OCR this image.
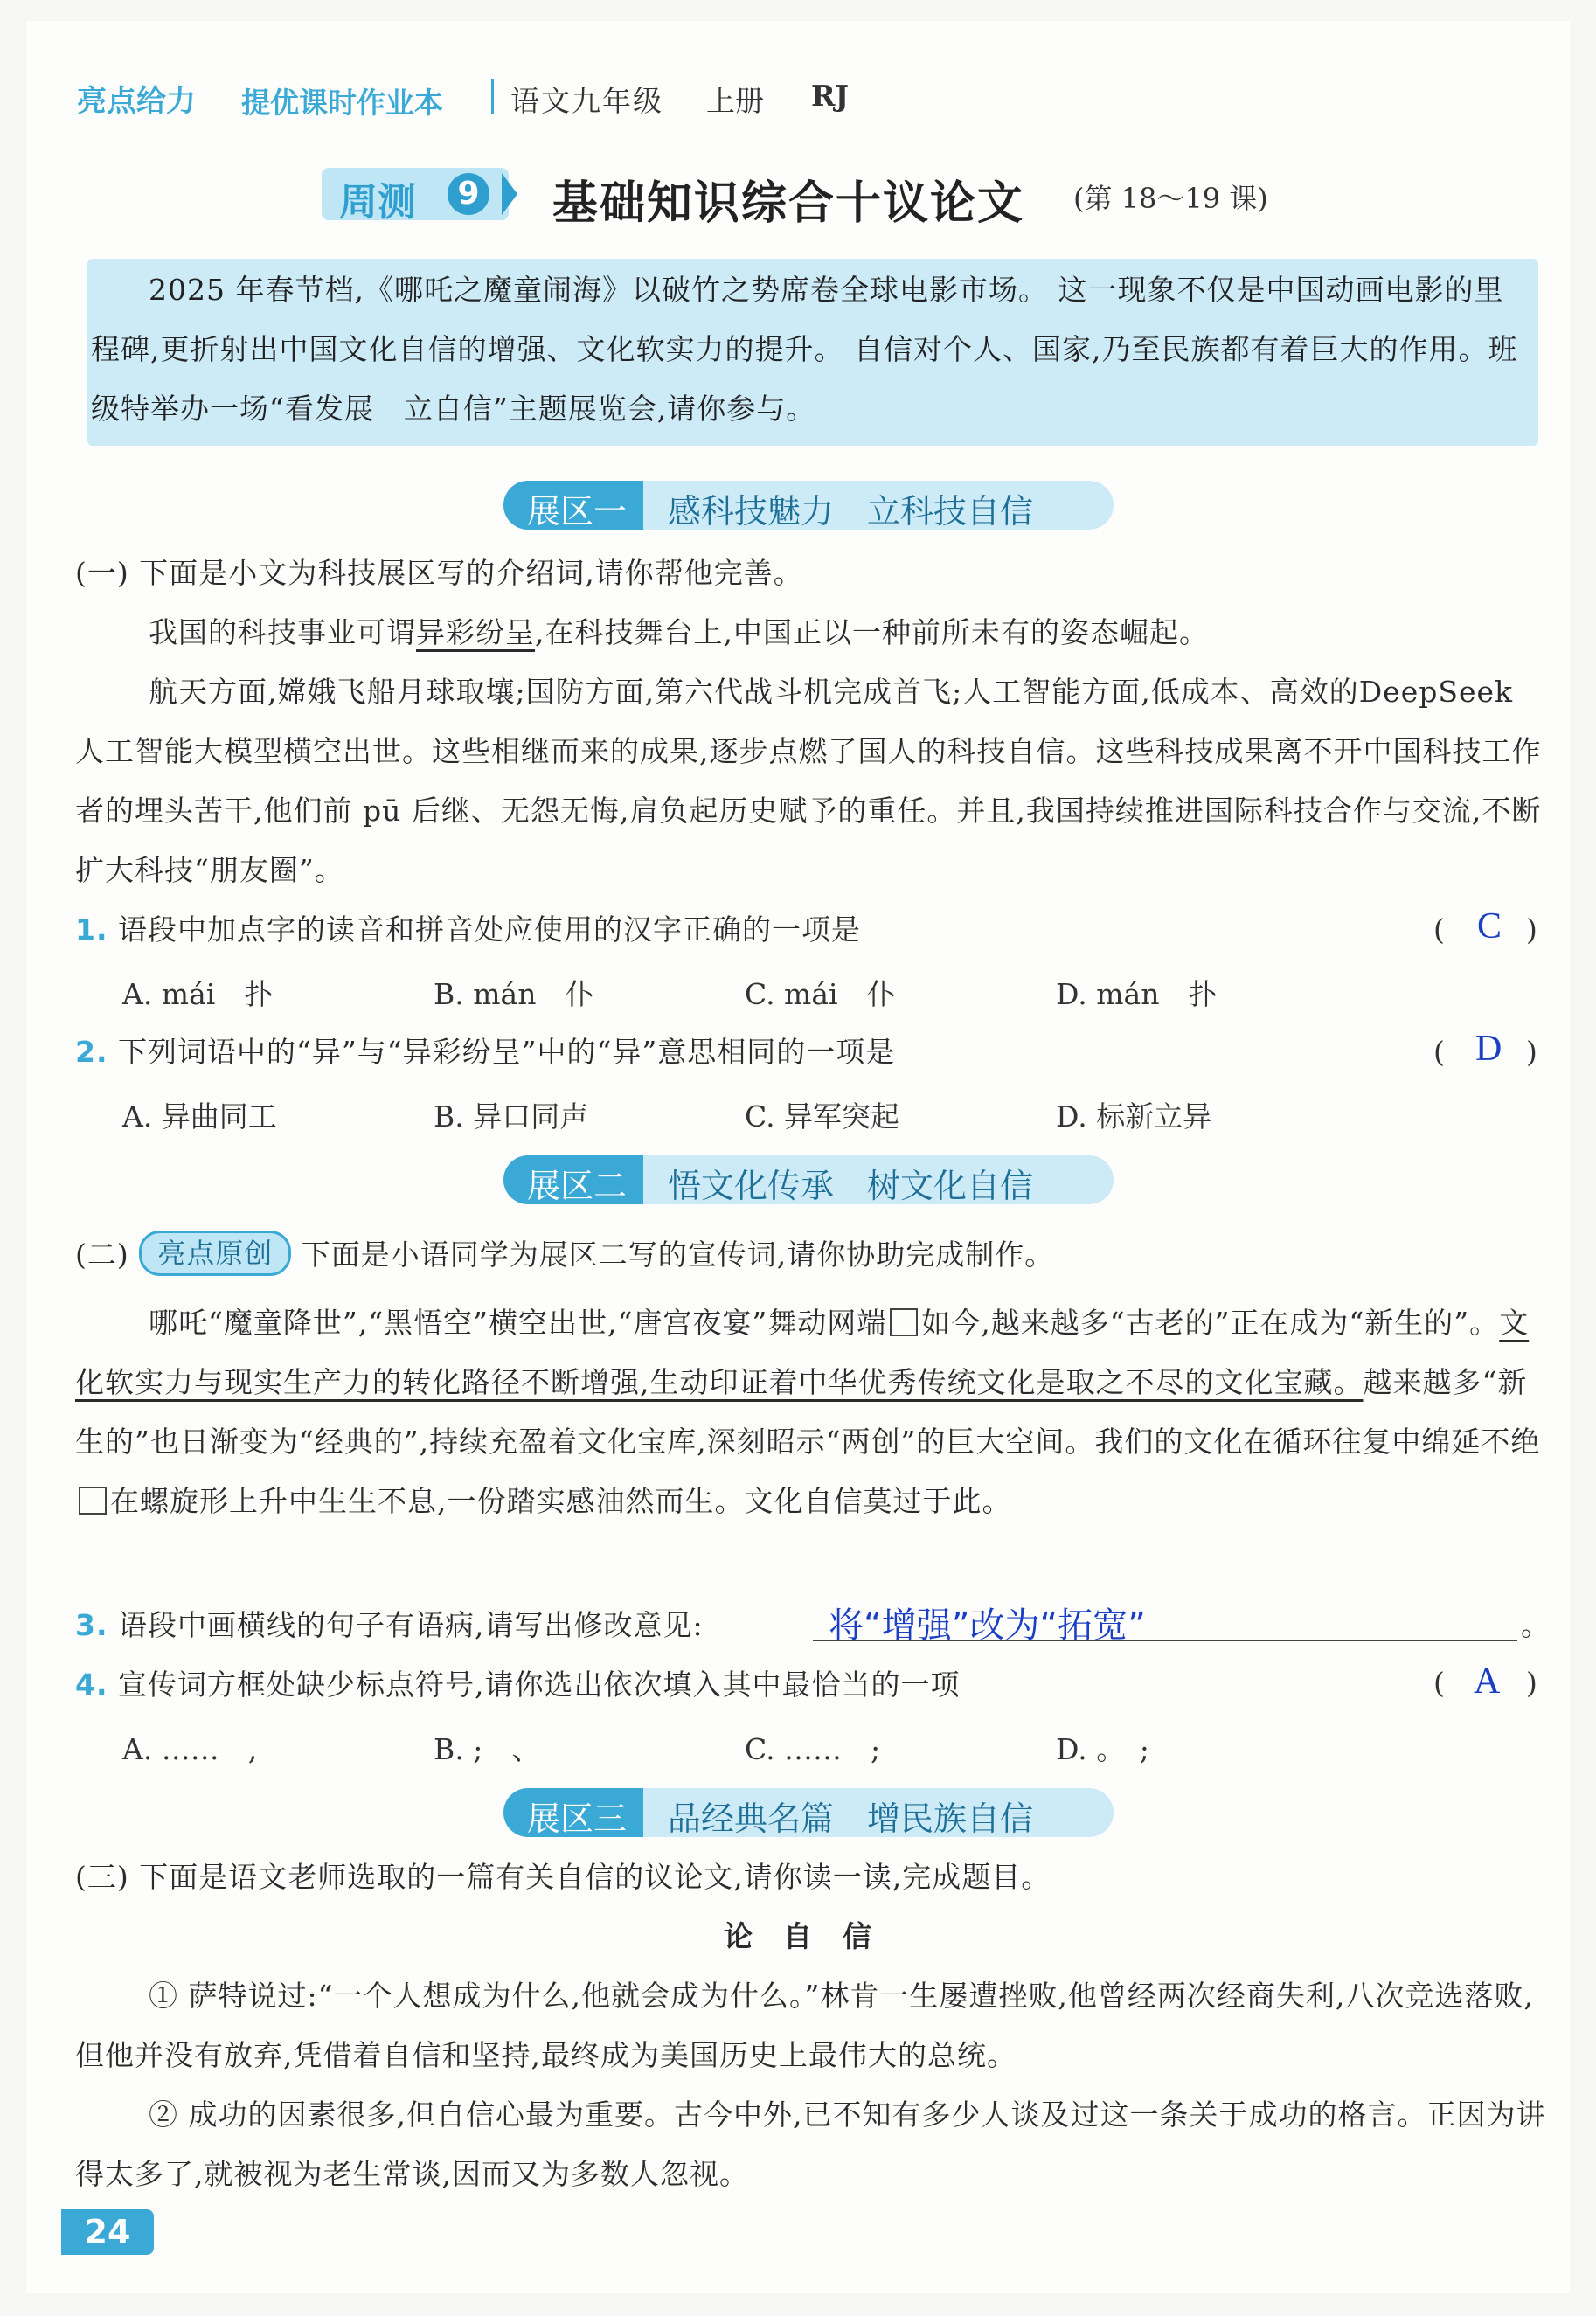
亮点给力 提优课时作业本 语文九年级 上册 RJ
周测	9 基础知识综合十议论文 (第 18～19 课)
2025 年春节档,《哪吒之魔童闹海》以破竹之势席卷全球电影市场。 这一现象不仅是中国动画电影的里程碑,更折射出中国文化自信的增强、文化软实力的提升。 自信对个人、国家,乃至民族都有着巨大的作用。班级特举办一场“看发展　立自信”主题展览会,请你参与。
展区一	感科技魅力　立科技自信
(一) 下面是小文为科技展区写的介绍词,请你帮他完善。
我国的科技事业可谓异彩纷呈,在科技舞台上,中国正以一种前所未有的姿态崛起。
航天方面,嫦娥飞船月球取壤;国防方面,第六代战斗机完成首飞;人工智能方面,低成本、高效的DeepSeek 人工智能大模型横空出世。这些相继而来的成果,逐步点燃了国人的科技自信。这些科技成果离不开中国科技工作者的埋头苦干,他们前 pū 后继、无怨无悔,肩负起历史赋予的重任。并且,我国持续推进国际科技合作与交流,不断扩大科技“朋友圈”。
1. 语段中加点字的读音和拼音处应使用的汉字正确的一项是	( C )
A. mái　扑	B. mán　仆	C. mái　仆	D. mán　扑
2. 下列词语中的“异”与“异彩纷呈”中的“异”意思相同的一项是	( D )
A. 异曲同工	B. 异口同声	C. 异军突起	D. 标新立异
展区二	悟文化传承　树文化自信
(二) 亮点原创 下面是小语同学为展区二写的宣传词,请你协助完成制作。
哪吒“魔童降世”,“黑悟空”横空出世,“唐宫夜宴”舞动网端 如今,越来越多“古老的”正在成为“新生的”。文化软实力与现实生产力的转化路径不断增强,生动印证着中华优秀传统文化是取之不尽的文化宝藏。越来越多“新生的”也日渐变为“经典的”,持续充盈着文化宝库,深刻昭示“两创”的巨大空间。我们的文化在循环往复中绵延不绝在螺旋形上升中生生不息,一份踏实感油然而生。文化自信莫过于此。
3. 语段中画横线的句子有语病,请写出修改意见:	将“增强”改为“拓宽”	。
4. 宣传词方框处缺少标点符号,请你选出依次填入其中最恰当的一项	( A )
A. ……　,	B. ;　、	C. ……　;	D. 。　;
展区三	品经典名篇　增民族自信
(三) 下面是语文老师选取的一篇有关自信的议论文,请你读一读,完成题目。
论　自　信
① 萨特说过:“一个人想成为什么,他就会成为什么。”林肯一生屡遭挫败,他曾经两次经商失利,八次竞选落败,但他并没有放弃,凭借着自信和坚持,最终成为美国历史上最伟大的总统。
② 成功的因素很多,但自信心最为重要。古今中外,已不知有多少人谈及过这一条关于成功的格言。正因为讲得太多了,就被视为老生常谈,因而又为多数人忽视。
24
